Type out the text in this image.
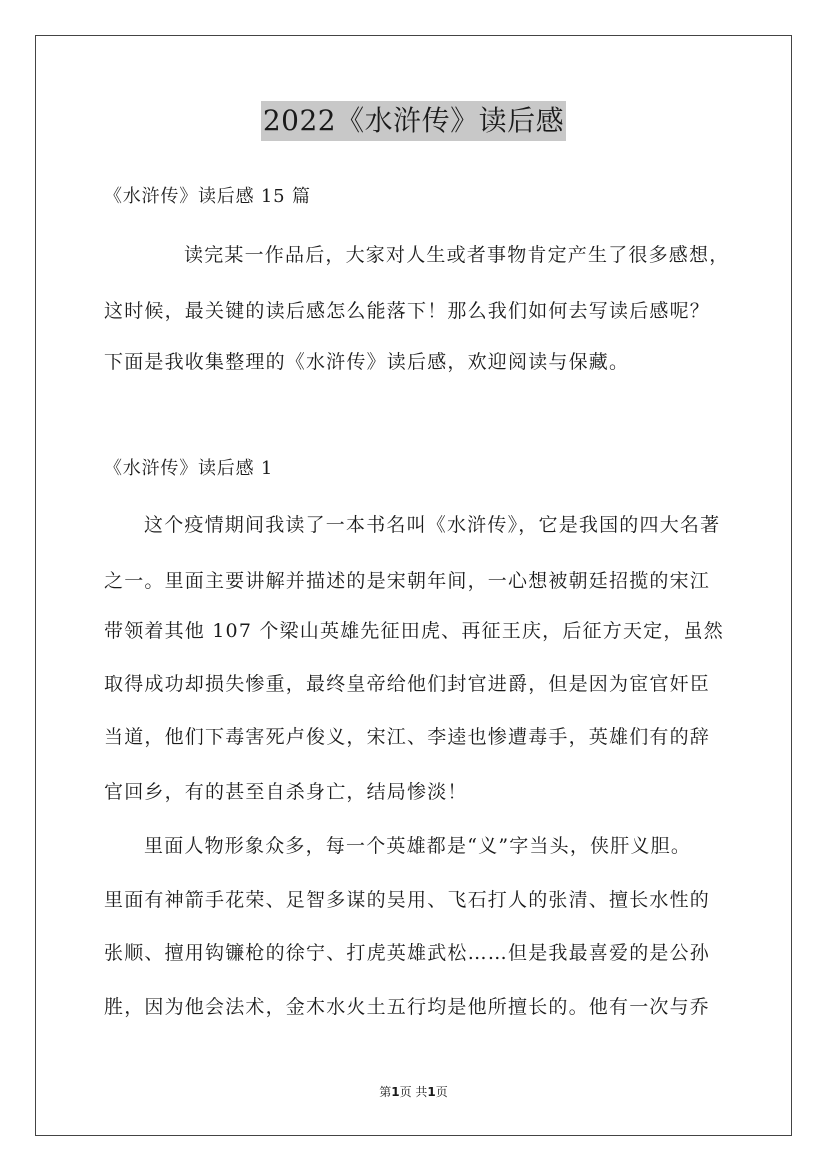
2022《水浒传》读后感
《水浒传》读后感 15 篇
读完某一作品后，大家对人生或者事物肯定产生了很多感想，
这时候，最关键的读后感怎么能落下！那么我们如何去写读后感呢？
下面是我收集整理的《水浒传》读后感，欢迎阅读与保藏。
《水浒传》读后感 1
这个疫情期间我读了一本书名叫《水浒传》，它是我国的四大名著
之一。里面主要讲解并描述的是宋朝年间，一心想被朝廷招揽的宋江
带领着其他 107 个梁山英雄先征田虎、再征王庆，后征方天定，虽然
取得成功却损失惨重，最终皇帝给他们封官进爵，但是因为宦官奸臣
当道，他们下毒害死卢俊义，宋江、李逵也惨遭毒手，英雄们有的辞
官回乡，有的甚至自杀身亡，结局惨淡！
里面人物形象众多，每一个英雄都是“义”字当头，侠肝义胆。
里面有神箭手花荣、足智多谋的吴用、飞石打人的张清、擅长水性的
张顺、擅用钩镰枪的徐宁、打虎英雄武松……但是我最喜爱的是公孙
胜，因为他会法术，金木水火土五行均是他所擅长的。他有一次与乔
第1页 共1页
